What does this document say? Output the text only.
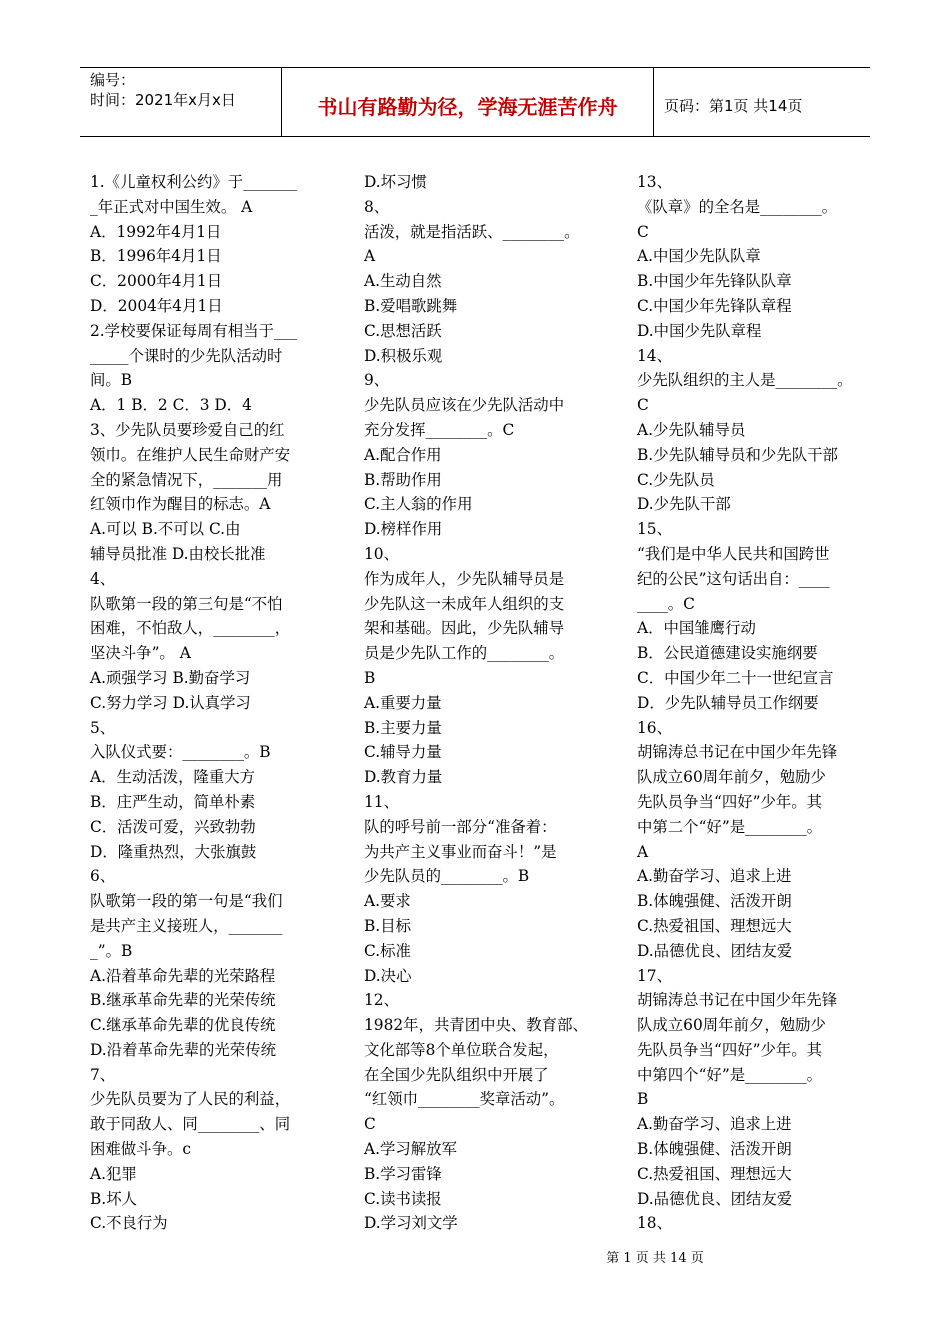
编号：
时间：2021年x月x日	书山有路勤为径，学海无涯苦作舟	页码：第1页 共14页
1.《儿童权利公约》于_______
_年正式对中国生效。 A
A．1992年4月1日
B．1996年4月1日
C．2000年4月1日
D．2004年4月1日
2.学校要保证每周有相当于___
_____个课时的少先队活动时
间。B
A．1 B．2 C．3 D．4
3、少先队员要珍爱自己的红
领巾。在维护人民生命财产安
全的紧急情况下，_______用
红领巾作为醒目的标志。A
A.可以 B.不可以 C.由
辅导员批准 D.由校长批准
4、
队歌第一段的第三句是“不怕
困难，不怕敌人，________，
坚决斗争”。 A
A.顽强学习 B.勤奋学习
C.努力学习 D.认真学习
5、
入队仪式要：________。B
A．生动活泼，隆重大方
B．庄严生动，简单朴素
C．活泼可爱，兴致勃勃
D．隆重热烈，大张旗鼓
6、
队歌第一段的第一句是“我们
是共产主义接班人，_______
_”。B
A.沿着革命先辈的光荣路程
B.继承革命先辈的光荣传统
C.继承革命先辈的优良传统
D.沿着革命先辈的光荣传统
7、
少先队员要为了人民的利益，
敢于同敌人、同________、同
困难做斗争。c
A.犯罪
B.坏人
C.不良行为
D.坏习惯
8、
活泼，就是指活跃、________。
A
A.生动自然
B.爱唱歌跳舞
C.思想活跃
D.积极乐观
9、
少先队员应该在少先队活动中
充分发挥________。C
A.配合作用
B.帮助作用
C.主人翁的作用
D.榜样作用
10、
作为成年人，少先队辅导员是
少先队这一未成年人组织的支
架和基础。因此，少先队辅导
员是少先队工作的________。
B
A.重要力量
B.主要力量
C.辅导力量
D.教育力量
11、
队的呼号前一部分“准备着：
为共产主义事业而奋斗！”是
少先队员的________。B
A.要求
B.目标
C.标准
D.决心
12、
1982年，共青团中央、教育部、
文化部等8个单位联合发起，
在全国少先队组织中开展了
“红领巾________奖章活动”。
C
A.学习解放军
B.学习雷锋
C.读书读报
D.学习刘文学
13、
《队章》的全名是________。
C
A.中国少先队队章
B.中国少年先锋队队章
C.中国少年先锋队章程
D.中国少先队章程
14、
少先队组织的主人是________。
C
A.少先队辅导员
B.少先队辅导员和少先队干部
C.少先队员
D.少先队干部
15、
“我们是中华人民共和国跨世
纪的公民”这句话出自：____
____。C
A．中国雏鹰行动
B．公民道德建设实施纲要
C．中国少年二十一世纪宣言
D．少先队辅导员工作纲要
16、
胡锦涛总书记在中国少年先锋
队成立60周年前夕，勉励少
先队员争当“四好”少年。其
中第二个“好”是________。
A
A.勤奋学习、追求上进
B.体魄强健、活泼开朗
C.热爱祖国、理想远大
D.品德优良、团结友爱
17、
胡锦涛总书记在中国少年先锋
队成立60周年前夕，勉励少
先队员争当“四好”少年。其
中第四个“好”是________。
B
A.勤奋学习、追求上进
B.体魄强健、活泼开朗
C.热爱祖国、理想远大
D.品德优良、团结友爱
18、
第 1 页 共 14 页
